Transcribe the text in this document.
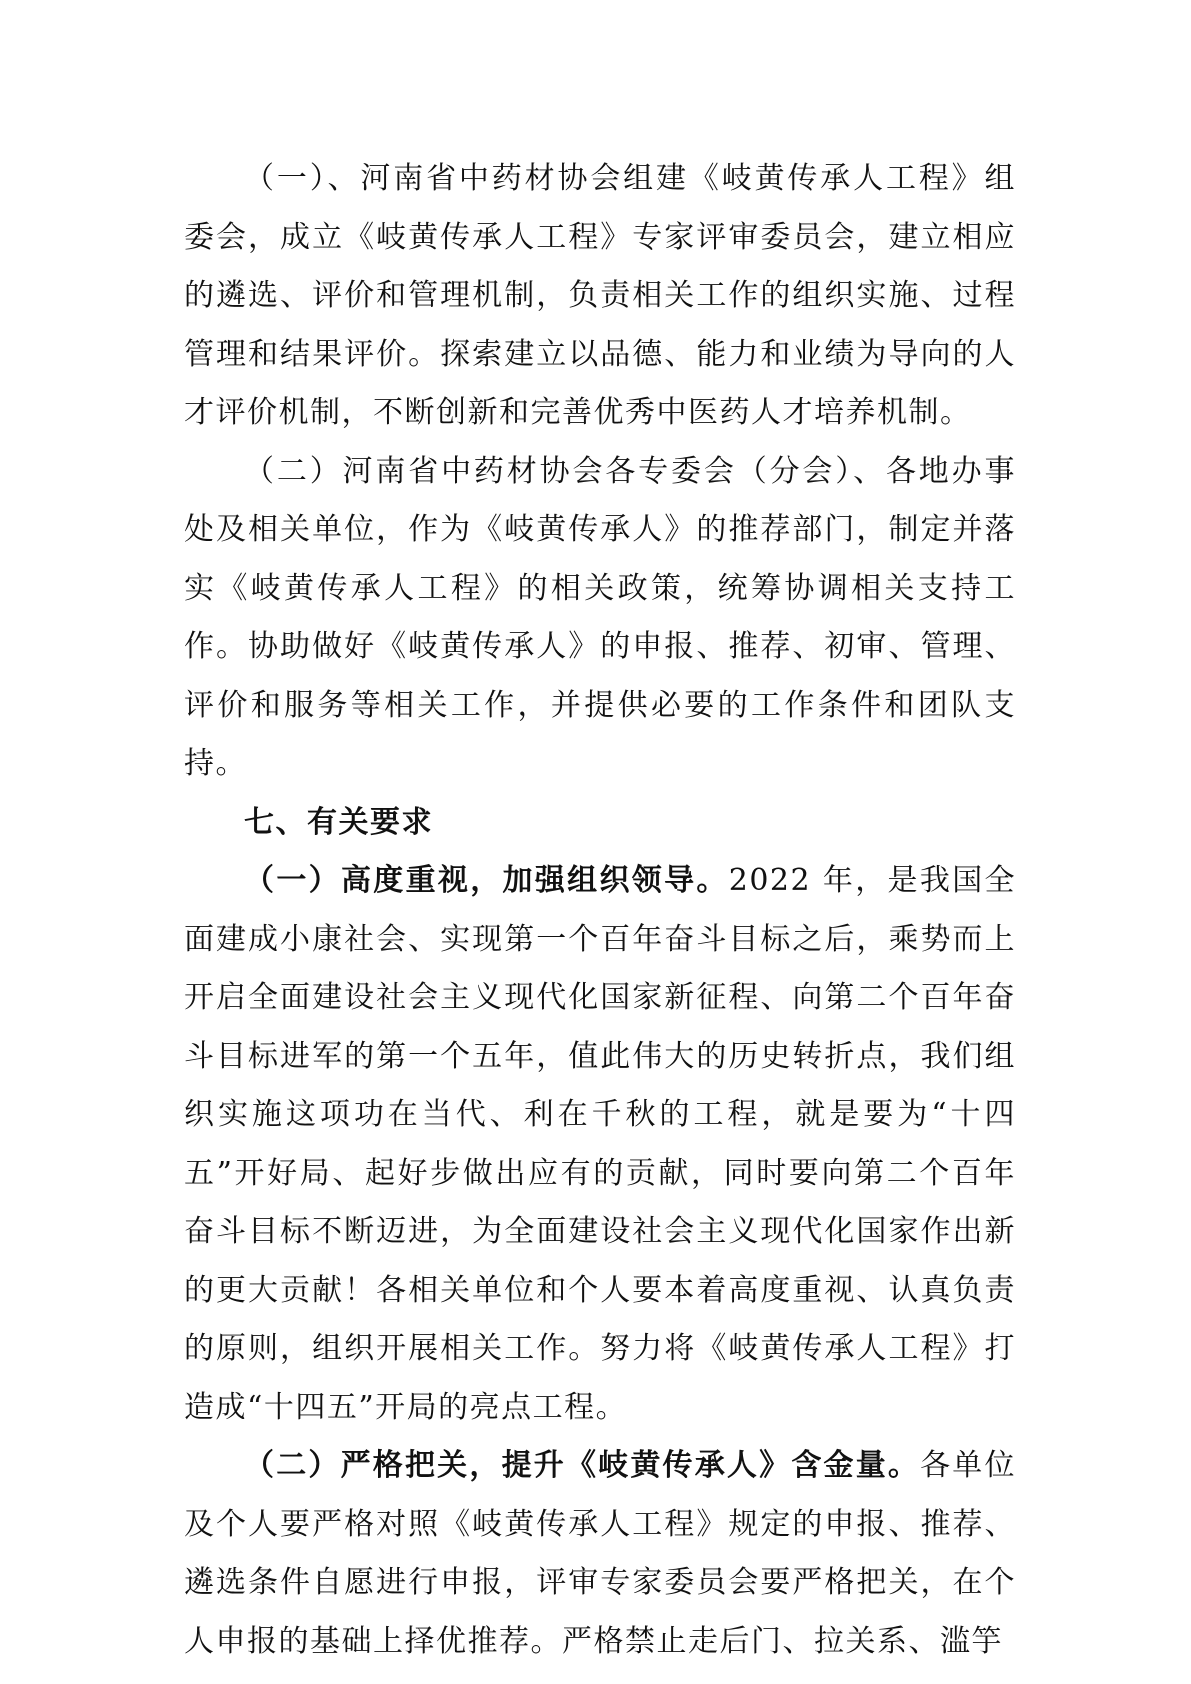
（一）、河南省中药材协会组建《岐黄传承人工程》组委会，成立《岐黄传承人工程》专家评审委员会，建立相应的遴选、评价和管理机制，负责相关工作的组织实施、过程管理和结果评价。探索建立以品德、能力和业绩为导向的人才评价机制，不断创新和完善优秀中医药人才培养机制。

（二）河南省中药材协会各专委会（分会）、各地办事处及相关单位，作为《岐黄传承人》的推荐部门，制定并落实《岐黄传承人工程》的相关政策，统筹协调相关支持工作。协助做好《岐黄传承人》的申报、推荐、初审、管理、评价和服务等相关工作，并提供必要的工作条件和团队支持。

七、有关要求

（一）高度重视，加强组织领导。2022 年，是我国全面建成小康社会、实现第一个百年奋斗目标之后，乘势而上开启全面建设社会主义现代化国家新征程、向第二个百年奋斗目标进军的第一个五年，值此伟大的历史转折点，我们组织实施这项功在当代、利在千秋的工程，就是要为“十四五”开好局、起好步做出应有的贡献，同时要向第二个百年奋斗目标不断迈进，为全面建设社会主义现代化国家作出新的更大贡献！各相关单位和个人要本着高度重视、认真负责的原则，组织开展相关工作。努力将《岐黄传承人工程》打造成“十四五”开局的亮点工程。

（二）严格把关，提升《岐黄传承人》含金量。各单位及个人要严格对照《岐黄传承人工程》规定的申报、推荐、遴选条件自愿进行申报，评审专家委员会要严格把关，在个人申报的基础上择优推荐。严格禁止走后门、拉关系、滥竽
